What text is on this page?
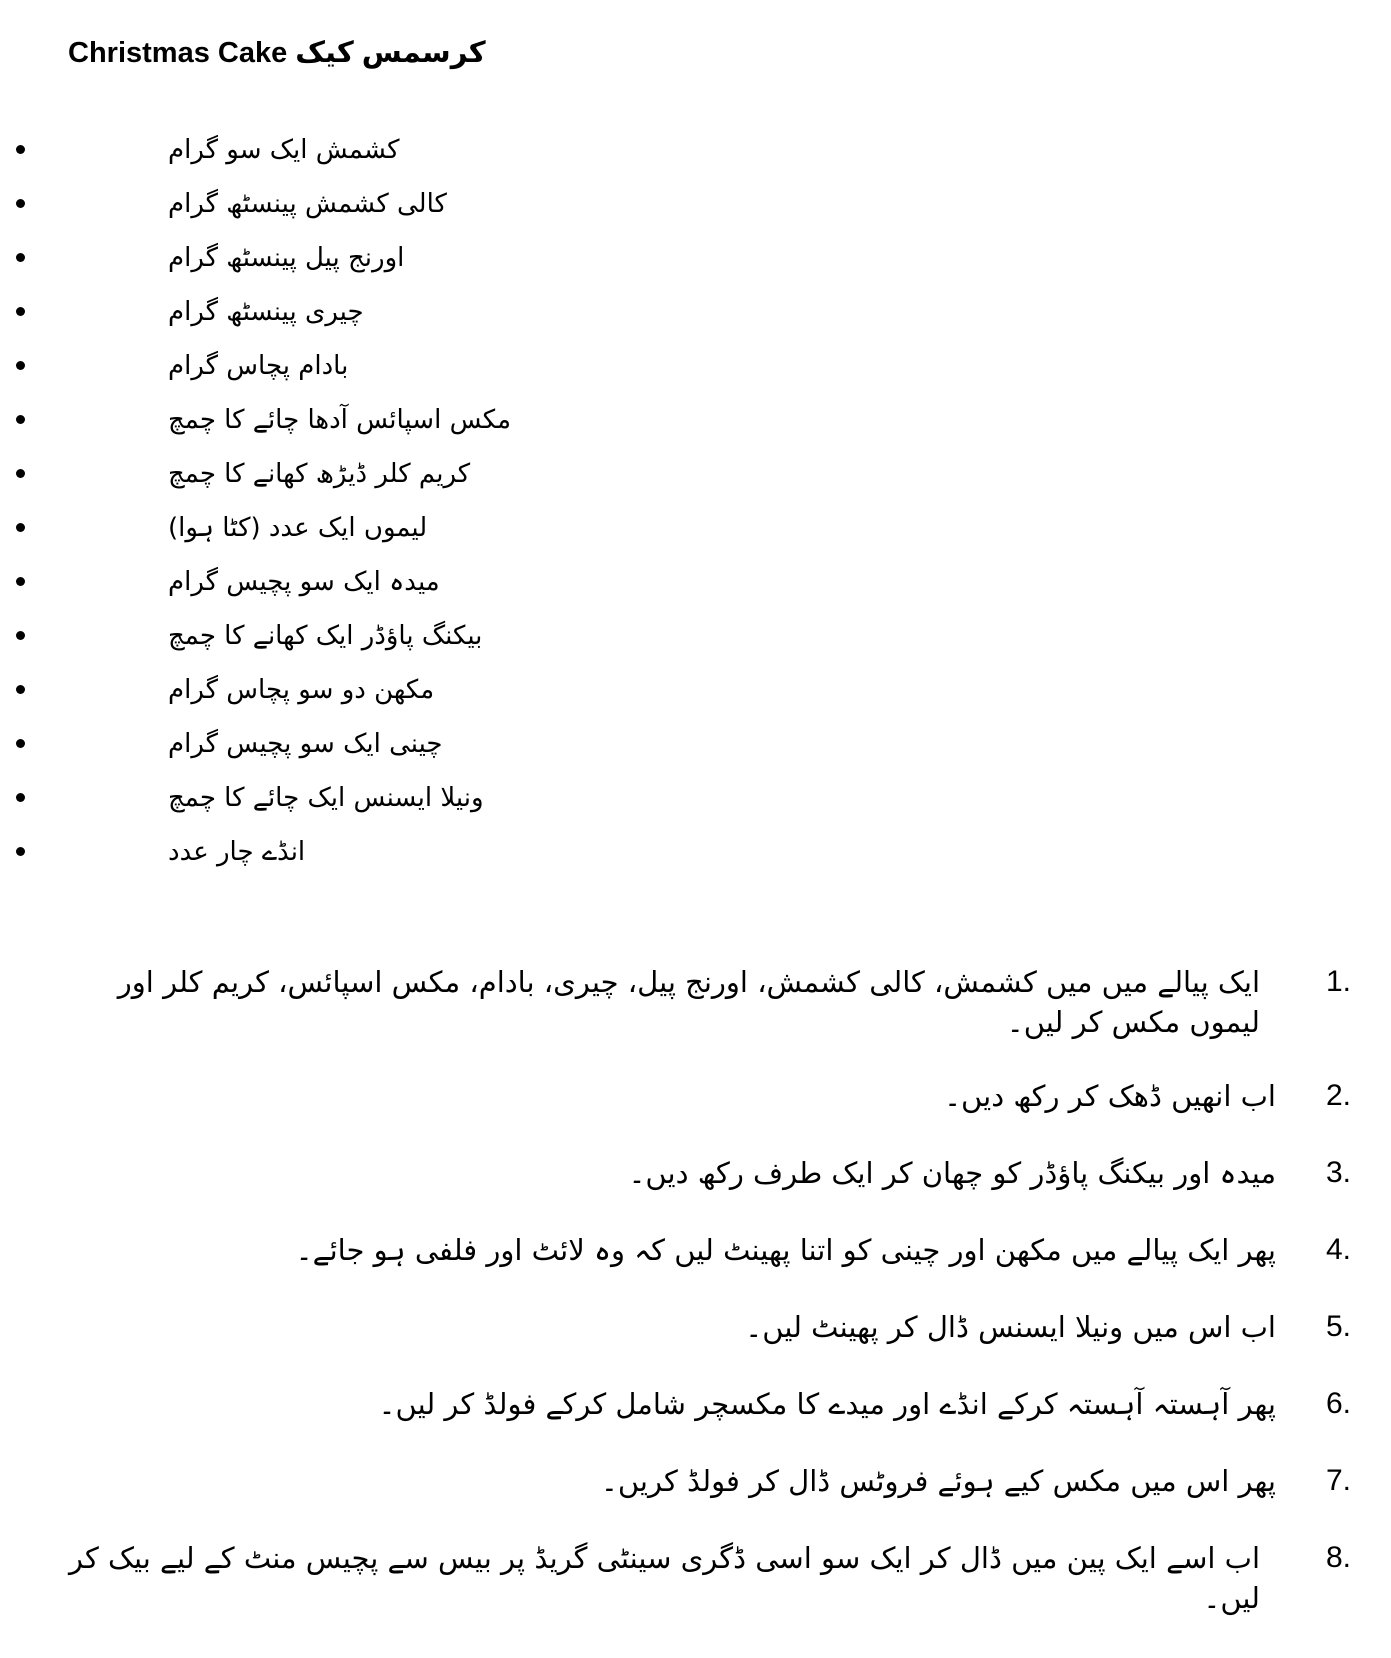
Christmas Cake کرسمس کیک
کشمش ایک سو گرام
کالی کشمش پینسٹھ گرام
اورنج پیل پینسٹھ گرام
چیری پینسٹھ گرام
بادام پچاس گرام
مکس اسپائس آدھا چائے کا چمچ
کریم کلر ڈیڑھ کھانے کا چمچ
لیموں ایک عدد (کٹا ہوا)
میدہ ایک سو پچیس گرام
بیکنگ پاؤڈر ایک کھانے کا چمچ
مکھن دو سو پچاس گرام
چینی ایک سو پچیس گرام
ونیلا ایسنس ایک چائے کا چمچ
انڈے چار عدد
1.
ایک پیالے میں میں کشمش، کالی کشمش، اورنج پیل، چیری، بادام، مکس اسپائس، کریم کلر اور لیموں مکس کر لیں۔
2.
اب انھیں ڈھک کر رکھ دیں۔
3.
میدہ اور بیکنگ پاؤڈر کو چھان کر ایک طرف رکھ دیں۔
4.
پھر ایک پیالے میں مکھن اور چینی کو اتنا پھینٹ لیں کہ وہ لائٹ اور فلفی ہو جائے۔
5.
اب اس میں ونیلا ایسنس ڈال کر پھینٹ لیں۔
6.
پھر آہستہ آہستہ کرکے انڈے اور میدے کا مکسچر شامل کرکے فولڈ کر لیں۔
7.
پھر اس میں مکس کیے ہوئے فروٹس ڈال کر فولڈ کریں۔
8.
اب اسے ایک پین میں ڈال کر ایک سو اسی ڈگری سینٹی گریڈ پر بیس سے پچیس منٹ کے لیے بیک کر لیں۔
